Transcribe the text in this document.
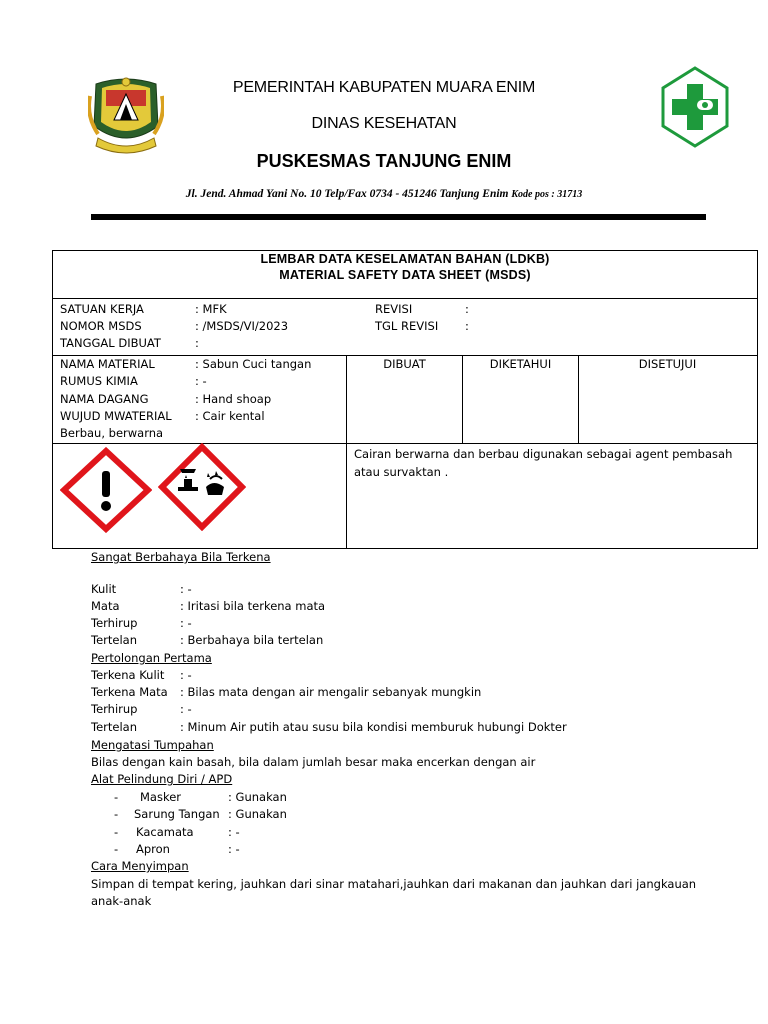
PEMERINTAH KABUPATEN MUARA ENIM
DINAS KESEHATAN
PUSKESMAS TANJUNG ENIM
Jl. Jend. Ahmad Yani No. 10 Telp/Fax 0734 - 451246 Tanjung Enim Kode pos : 31713
LEMBAR DATA KESELAMATAN BAHAN (LDKB)
MATERIAL SAFETY DATA SHEET (MSDS)
SATUAN KERJA	: MFK
NOMOR MSDS	: /MSDS/VI/2023
TANGGAL DIBUAT	:
REVISI	:
TGL REVISI :
NAMA MATERIAL	: Sabun Cuci tangan
RUMUS KIMIA	: -
NAMA DAGANG	: Hand shoap
WUJUD MWATERIAL : Cair kental
Berbau, berwarna
DIBUAT	DIKETAHUI	DISETUJUI
Cairan berwarna dan berbau digunakan sebagai agent pembasah atau survaktan .
Sangat Berbahaya Bila Terkena
Kulit	: -
Mata	: Iritasi bila terkena mata
Terhirup	: -
Tertelan	: Berbahaya bila tertelan
Pertolongan Pertama
Terkena Kulit : -
Terkena Mata : Bilas mata dengan air mengalir sebanyak mungkin
Terhirup	: -
Tertelan	: Minum Air putih atau susu bila kondisi memburuk hubungi Dokter
Mengatasi Tumpahan
Bilas dengan kain basah, bila dalam jumlah besar maka encerkan dengan air
Alat Pelindung Diri / APD
- Masker	: Gunakan
- Sarung Tangan : Gunakan
- Kacamata	: -
- Apron	: -
Cara Menyimpan
Simpan di tempat kering, jauhkan dari sinar matahari,jauhkan dari makanan dan jauhkan dari jangkauan
anak-anak
